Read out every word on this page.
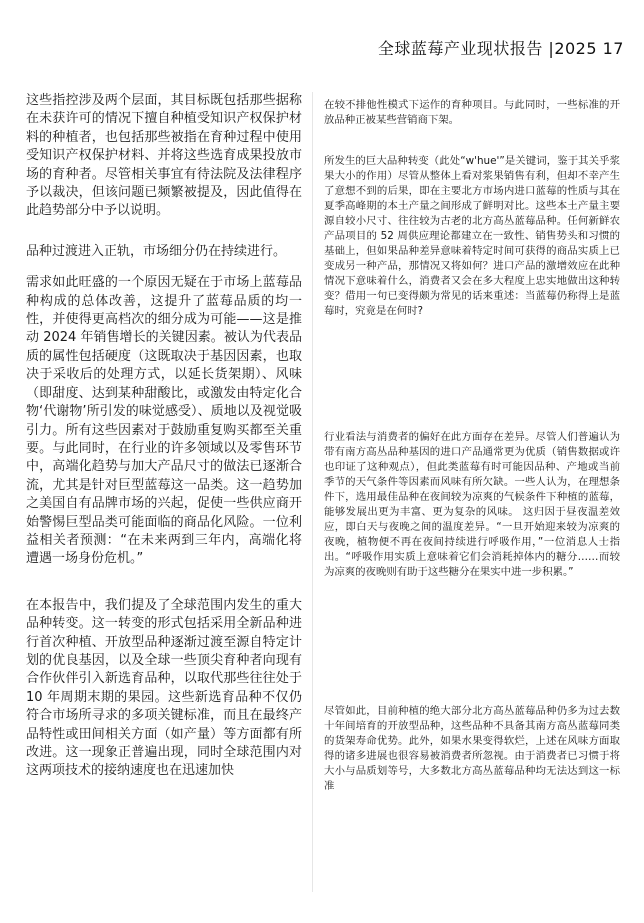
全球蓝莓产业现状报告 |2025 17

这些指控涉及两个层面，其目标既包括那些据称在未获许可的情况下擅自种植受知识产权保护材料的种植者，也包括那些被指在育种过程中使用受知识产权保护材料、并将这些选育成果投放市场的育种者。尽管相关事宜有待法院及法律程序予以裁决，但该问题已频繁被提及，因此值得在此趋势部分中予以说明。

品种过渡进入正轨，市场细分仍在持续进行。

需求如此旺盛的一个原因无疑在于市场上蓝莓品种构成的总体改善，这提升了蓝莓品质的均一性，并使得更高档次的细分成为可能——这是推动 2024 年销售增长的关键因素。被认为代表品质的属性包括硬度（这既取决于基因因素，也取决于采收后的处理方式，以延长货架期）、风味（即甜度、达到某种甜酸比，或激发由特定化合物‘代谢物’所引发的味觉感受）、质地以及视觉吸引力。所有这些因素对于鼓励重复购买都至关重要。与此同时，在行业的许多领域以及零售环节中，高端化趋势与加大产品尺寸的做法已逐渐合流，尤其是针对巨型蓝莓这一品类。这一趋势加之美国自有品牌市场的兴起，促使一些供应商开始警惕巨型品类可能面临的商品化风险。一位利益相关者预测：“在未来两到三年内，高端化将遭遇一场身份危机。”

在本报告中，我们提及了全球范围内发生的重大品种转变。这一转变的形式包括采用全新品种进行首次种植、开放型品种逐渐过渡至源自特定计划的优良基因，以及全球一些顶尖育种者向现有合作伙伴引入新选育品种，以取代那些往往处于 10 年周期末期的果园。这些新选育品种不仅仍符合市场所寻求的多项关键标准，而且在最终产品特性或田间相关方面（如产量）等方面都有所改进。这一现象正普遍出现，同时全球范围内对这两项技术的接纳速度也在迅速加快

在较不排他性模式下运作的育种项目。与此同时，一些标准的开放品种正被某些营销商下架。

所发生的巨大品种转变（此处“w'hue'”是关键词，鉴于其关乎浆果大小的作用）尽管从整体上看对浆果销售有利，但却不幸产生了意想不到的后果，即在主要北方市场内进口蓝莓的性质与其在夏季高峰期的本土产量之间形成了鲜明对比。这些本土产量主要源自较小尺寸、往往较为古老的北方高丛蓝莓品种。任何新鲜农产品项目的 52 周供应理论都建立在一致性、销售势头和习惯的基础上，但如果品种差异意味着特定时间可获得的商品实质上已变成另一种产品，那情况又将如何？进口产品的激增效应在此种情况下意味着什么，消费者又会在多大程度上忠实地做出这种转变？借用一句已变得颇为常见的话来重述：当蓝莓仍称得上是蓝莓时，究竟是在何时?

行业看法与消费者的偏好在此方面存在差异。尽管人们普遍认为带有南方高丛品种基因的进口产品通常更为优质（销售数据或许也印证了这种观点），但此类蓝莓有时可能因品种、产地或当前季节的天气条件等因素而风味有所欠缺。一些人认为，在理想条件下，选用最佳品种在夜间较为凉爽的气候条件下种植的蓝莓，能够发展出更为丰富、更为复杂的风味。 这归因于昼夜温差效应，即白天与夜晚之间的温度差异。“一旦开始迎来较为凉爽的夜晚，植物便不再在夜间持续进行呼吸作用，”一位消息人士指出。“呼吸作用实质上意味着它们会消耗掉体内的糖分……而较为凉爽的夜晚则有助于这些糖分在果实中进一步积累。”

尽管如此，目前种植的绝大部分北方高丛蓝莓品种仍多为过去数十年间培育的开放型品种，这些品种不具备其南方高丛蓝莓同类的货架寿命优势。此外，如果水果变得软烂，上述在风味方面取得的诸多进展也很容易被消费者所忽视。由于消费者已习惯于将大小与品质划等号，大多数北方高丛蓝莓品种均无法达到这一标准
